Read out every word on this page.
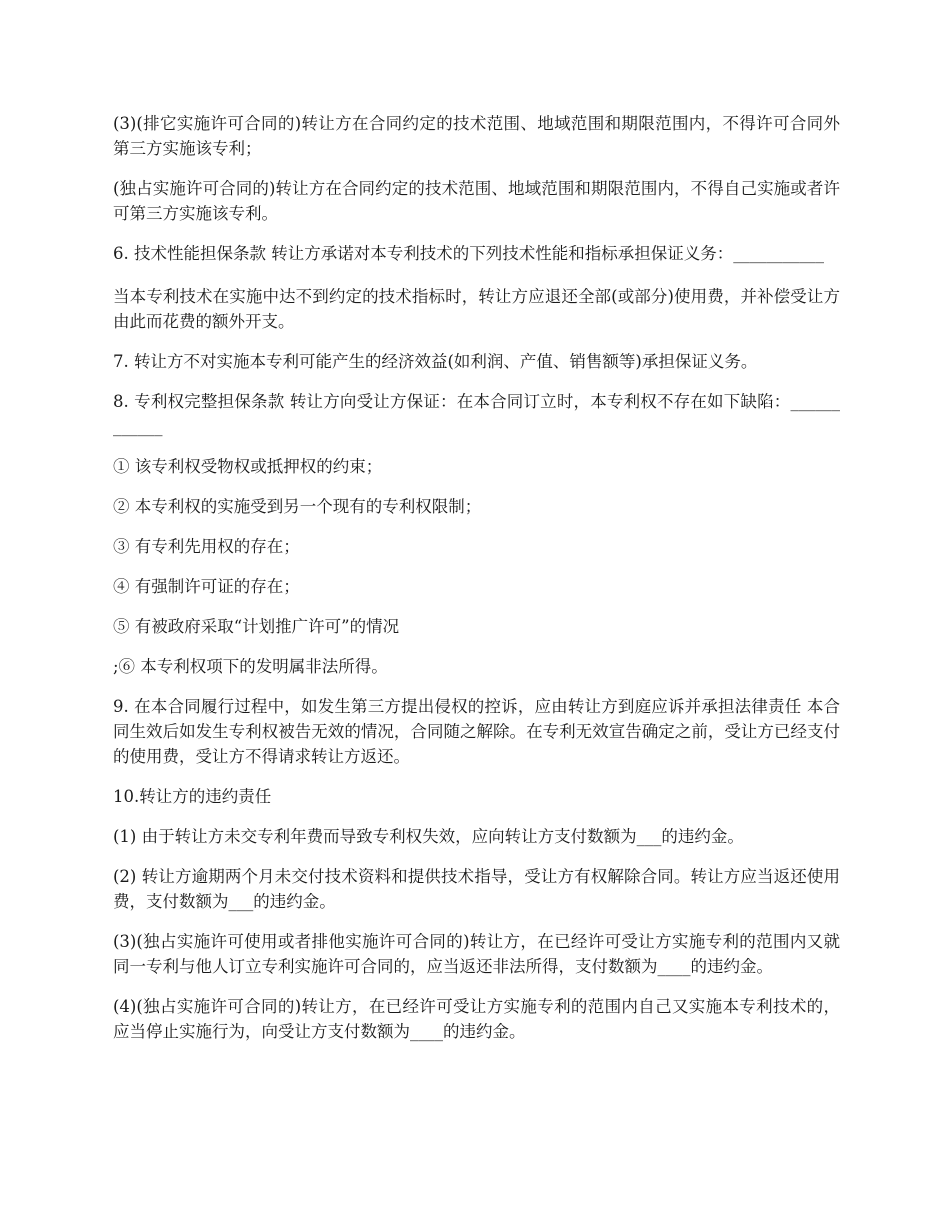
(3)(排它实施许可合同的)转让方在合同约定的技术范围、地域范围和期限范围内，不得许可合同外第三方实施该专利；

(独占实施许可合同的)转让方在合同约定的技术范围、地域范围和期限范围内，不得自己实施或者许可第三方实施该专利。

6. 技术性能担保条款 转让方承诺对本专利技术的下列技术性能和指标承担保证义务：___________

当本专利技术在实施中达不到约定的技术指标时，转让方应退还全部(或部分)使用费，并补偿受让方由此而花费的额外开支。

7. 转让方不对实施本专利可能产生的经济效益(如利润、产值、销售额等)承担保证义务。

8. 专利权完整担保条款 转让方向受让方保证：在本合同订立时，本专利权不存在如下缺陷：____________

① 该专利权受物权或抵押权的约束；

② 本专利权的实施受到另一个现有的专利权限制；

③ 有专利先用权的存在；

④ 有强制许可证的存在；

⑤ 有被政府采取“计划推广许可”的情况

;⑥ 本专利权项下的发明属非法所得。

9. 在本合同履行过程中，如发生第三方提出侵权的控诉，应由转让方到庭应诉并承担法律责任 本合同生效后如发生专利权被告无效的情况，合同随之解除。在专利无效宣告确定之前，受让方已经支付的使用费，受让方不得请求转让方返还。

10.转让方的违约责任

(1) 由于转让方未交专利年费而导致专利权失效，应向转让方支付数额为___的违约金。

(2) 转让方逾期两个月未交付技术资料和提供技术指导，受让方有权解除合同。转让方应当返还使用费，支付数额为___的违约金。

(3)(独占实施许可使用或者排他实施许可合同的)转让方，在已经许可受让方实施专利的范围内又就同一专利与他人订立专利实施许可合同的，应当返还非法所得，支付数额为____的违约金。

(4)(独占实施许可合同的)转让方，在已经许可受让方实施专利的范围内自己又实施本专利技术的，应当停止实施行为，向受让方支付数额为____的违约金。
